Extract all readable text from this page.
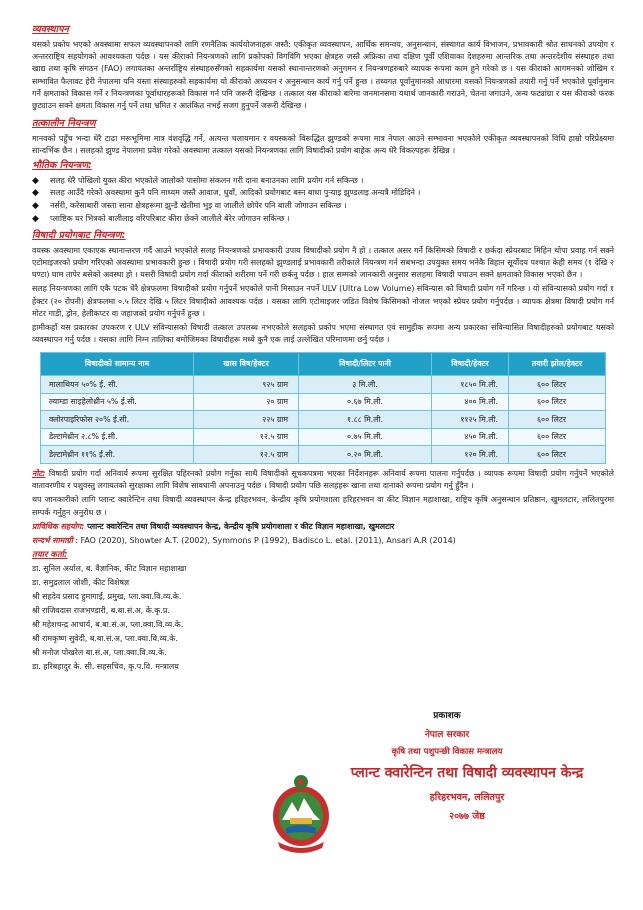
व्यवस्थापन

यसको प्रकोप भएको अवस्थामा सफल व्यवस्थापनको लागि रणनैतिक कार्ययोजनाहरू जस्तै: एकीकृत व्यवस्थापन, आर्थिक समन्वय, अनुसन्धान, संस्थागत कार्य विभाजन, प्रभावकारी श्रोत साधनको उपयोग र अन्तरराष्ट्रिय सहयोगको आवश्यकता पर्दछ । यस कीराको नियन्त्रणको लागि प्रकोपको विगविगि भएका क्षेत्रहरु जस्तै अफ्रिका तथा दक्षिण पूर्वी एशियाका देशहरुमा आन्तरिक तथा अन्तरदेशीय संस्थाहरु तथा खाद्य तथा कृषि संगठन (FAO) लगायतका अन्तर्राष्ट्रिय संस्थाहरुसँगको सहकार्यमा यसको स्थानान्तरणको अनुगमन र नियन्त्रणहरुबारे व्यापक रूपमा काम हुने गरेको छ । यस कीराको आगमनको जोखिम र सम्भावित फैलावट हेरी नेपालमा पनि यस्ता संस्थाहरुको सहकार्यमा यो कीराको अध्ययन र अनुसन्धान कार्य गर्नु पर्ने हुन्छ । तथ्यगत पूर्वानुमानको आधारमा यसको नियन्त्रणको तयारी गर्नु पर्ने भएकोले पूर्वानुमान गर्ने क्षमताको विकास गर्ने र नियन्त्रणका पूर्वाधारहरूको विकास गर्न पनि जरूरी देखिन्छ । तत्काल यस कीराको बारेमा जनमानसमा यथार्थ जानकारी गराउने, चेतना जगाउने, अन्य फट्यांग्रा र यस कीराको फरक छुट्याउन सक्ने क्षमता विकास गर्नु पर्ने तथा भ्रमित र आतंकित नभई सजग हुनुपर्ने जरूरी देखिन्छ ।

तत्कालीन नियन्त्रण

मानवको पहुँच भन्दा धेरै टाढा मरूभूमिमा मात्र वंशवृद्धि गर्ने, अत्यन्त चलायमान र वयस्कको विरूद्धित झुण्डको रूपमा मात्र नेपाल आउने सम्भावना भएकोले एकीकृत व्यवस्थापनको विधि हाम्रो परिप्रेक्ष्यमा सान्दर्भिक छैन । सलहको झुण्ड नेपालमा प्रवेश गरेको अवस्थामा तत्काल यसको नियन्त्रणका लागि विषादीको प्रयोग बाहेक अन्य धेरै विकल्पहरू देखिन्न ।

भौतिक नियन्त्रण:
◆	सलह धेरै पोखिलो युक्त कीरा भएकोले जालोको पासोमा संकलन गरी दाना बनाउनका लागि प्रयोग गर्न सकिन्छ ।
◆	सलह आउँदै गरेको अवस्थामा कुनै पनि माध्यम जस्तै आवाज, धुवाँ, आदिको प्रयोगबाट बस्न बाधा पुऱ्याइ झुण्डलाइ अन्यत्रै मोडिदिने ।
◆	नर्सरी, करेसाबारी जस्ता साना क्षेत्रहरूमा झुन्डै खेतीमा भुइ वा जालीले छोपेर पनि बाली जोगाउन सकिन्छ ।
◆	प्लाष्टिक घर भित्रको बालीलाइ वरिपरिबाट कीरा छेक्ने जालीले बेरेर जोगाउन सकिन्छ ।
विषादी प्रयोगबाट नियन्त्रण:

वयस्क अवस्थामा एकाएक स्थानान्तरण गर्दै आउने भएकोले सलह नियन्त्रणको प्रभावकारी उपाय विषादीको प्रयोग नै हो । तत्काल असर गर्ने किसिमको विषादी र छर्कदा स्प्रेयरबाट मिहिन थोपा प्रवाह गर्न सक्ने एटोमाइजरको प्रयोग गरिएको अवस्थामा प्रभावकारी हुन्छ । विषादी प्रयोग गरी सलहको झुण्डलाई प्रभावकारी तरीकाले नियन्त्रण गर्न सबभन्दा उपयुक्त समय भनेकै विहान सूर्योदय पश्चात केही समय (१ देखि २ घण्टा) घाम तापेर बसेको अवस्था हो । यसरी विषादी प्रयोग गर्दा कीराको शरीरमा पर्ने गरी छर्कनु पर्दछ । हाल सम्मको जानकारी अनुसार सलहमा विषादी पचाउन सक्ने क्षमताको विकास भएको छैन ।

सलह नियन्त्रणका लागि एकै पटक धेरै क्षेत्रफलमा विषादीको प्रयोग गर्नुपर्ने भएकोले पानी मिसाउन नपर्ने ULV (Ultra Low Volume) संविन्यास को विषादी प्रयोग गर्ने गरिन्छ । यो संविन्यासको प्रयोग गर्दा १ हेक्टर (२० रोपनी) क्षेत्रफलमा ०.५ लिटर देखि ५ लिटर विषादीको आवश्यक पर्दछ । यसका लागि एटोमाइजर जडित विशेष किसिमको नोजल भएको स्प्रेयर प्रयोग गर्नुपर्दछ । व्यापक क्षेत्रमा विषादी प्रयोग गर्न मोटर गाडी, ड्रोन, हेलीकप्टर वा जहाजको प्रयोग गर्नुपर्ने हुन्छ ।

हामीकहाँ यस प्रकारका उपकरण र ULV संविन्यासको विषादी तत्काल उपलब्ध नभएकोले सलहको प्रकोप भएमा संस्थागत एवं सामुहीक रूपमा अन्य प्रकारका संविन्यासित विषादीहरुको प्रयोगबाट यसको व्यवस्थापन गर्नु पर्दछ । यसका लागि निम्न तालिका बमोजिमका विषादीहरू मध्ये कुनै एक लाई उल्लेखित परिमाणमा छर्नु पर्दछ ।

विषादीको सामान्य नाम	खास विष/हेक्टर	विषादी/लिटर पानी	विषादी/हेक्टर	तयारी झोल/हेक्टर
मालाथियन ५०% ई. सी.	९२५ ग्राम	३ मि.ली.	१८५० मि.ली.	६०० लिटर
ल्याम्डा साइहेलोथ्रीन ५% ई.सी.	२० ग्राम	०.६७ मि.ली.	४०० मि.ली.	६०० लिटर
क्लोरपाइरिफोस २०% ई.सी.	२२५ ग्राम	१.८८ मि.ली.	११२५ मि.ली.	६०० लिटर
डेल्टामेथ्रीन २.८% ई.सी.	१२.५ ग्राम	०.७५ मि.ली.	४५० मि.ली.	६०० लिटर
डेल्टामेथ्रीन ११% ई.सी.	१२.५ ग्राम	०.२० मि.ली.	१२० मि.ली.	६०० लिटर

नोट: विषादी प्रयोग गर्दा अनिवार्य रूपमा सुरक्षित पहिरनको प्रयोग गर्नुका साथै विषादीको सूचकपत्रमा भएका निर्देशनहरू अनिवार्य रूपमा पालना गर्नुपर्दछ । व्यापक रूपमा विषादी प्रयोग गर्नुपर्ने भएकोले वातावरणीय र पशुवस्तु लगायतको सुरक्षाका लागि विशेष सावधानी अपनाउनु पर्दछ । विषादी प्रयोग पछि सलहहरू खाना तथा दानाको रूपमा प्रयोग गर्नु हुँदैन ।

थप जानकारीको लागि प्लान्ट क्वारेन्टिन तथा विषादी व्यवस्थापन केन्द्र हरिहरभवन, केन्द्रीय कृषि प्रयोगशाला हरिहरभवन वा कीट विज्ञान महाशाखा, राष्ट्रिय कृषि अनुसन्धान प्रतिष्ठान, खुमलटार, ललितपुरमा सम्पर्क गर्नुहुन अनुरोध छ ।

प्राविधिक सहयोग: प्लान्ट क्वारेन्टिन तथा विषादी व्यवस्थापन केन्द्र, केन्द्रीय कृषि प्रयोगशाला र कीट विज्ञान महाशाखा, खुमलटार

सन्दर्भ सामाग्री : FAO (2020), Showter A.T. (2002), Symmons P (1992), Badisco L. etal. (2011), Ansari A.R (2014)

तयार कर्ता:
डा. सुनिल अर्याल, ब. वैज्ञानिक, कीट विज्ञान महाशाखा
डा. समुद्रलाल जोशी, कीट विशेषज्ञ
श्री सहदेव प्रसाद हुमागाईं, प्रमुख, प्ला.क्वा.वि.व्य.के.
श्री राजिवदास राजभण्डारी, ब.बा.सं.अ, के.कृ.प्र.
श्री महेशचन्द्र आचार्य, ब.बा.सं.अ, प्ला.क्वा.वि.व्य.के.
श्री रामकृष्ण सुवेदी, ब.बा.सं.अ, प्ला.क्वा.वि.व्य.के.
श्री मनोज पोखरेल बा.सं.अ, प्ला.क्वा.वि.व्य.के.
डा. हरिबहादुर के. सी. सहसचिव, कृ.प.वि. मन्त्रालय
प्रकाशक
नेपाल सरकार
कृषि तथा पशुपन्छी विकास मन्त्रालय
प्लान्ट क्वारेन्टिन तथा विषादी व्यवस्थापन केन्द्र
हरिहरभवन, ललितपुर
२०७७ जेष्ठ
